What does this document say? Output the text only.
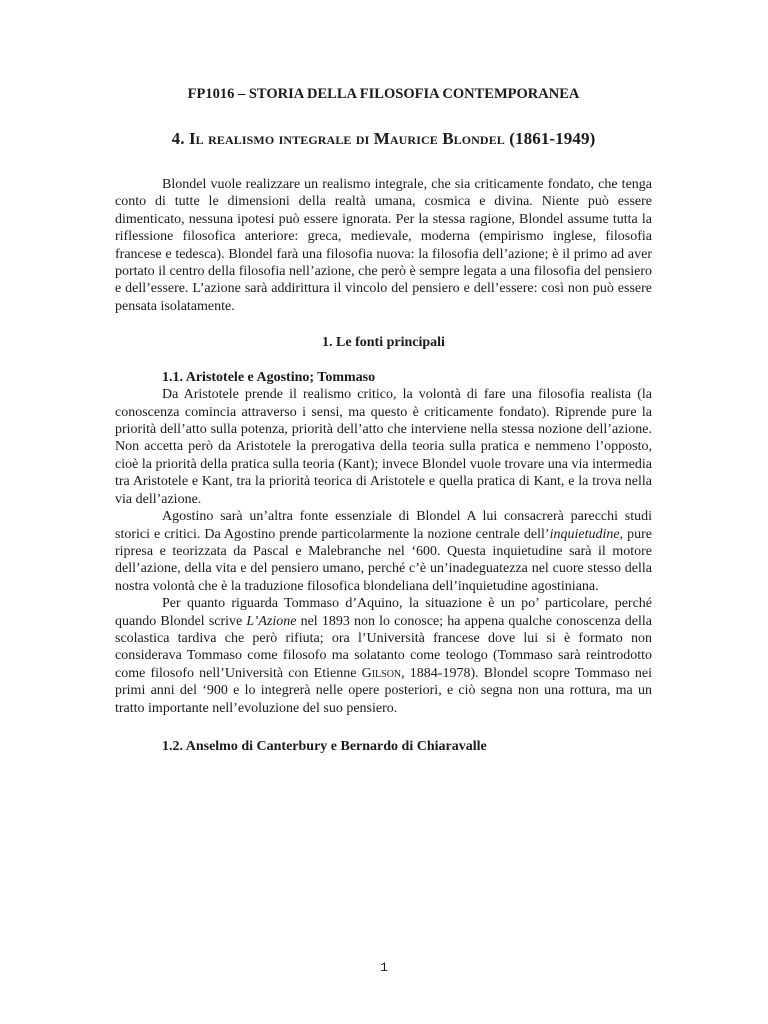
FP1016 – STORIA DELLA FILOSOFIA CONTEMPORANEA
4. Il realismo integrale di Maurice Blondel (1861-1949)

Blondel vuole realizzare un realismo integrale, che sia criticamente fondato, che tenga conto di tutte le dimensioni della realtà umana, cosmica e divina. Niente può essere dimenticato, nessuna ipotesi può essere ignorata. Per la stessa ragione, Blondel assume tutta la riflessione filosofica anteriore: greca, medievale, moderna (empirismo inglese, filosofia francese e tedesca). Blondel farà una filosofia nuova: la filosofia dell’azione; è il primo ad aver portato il centro della filosofia nell’azione, che però è sempre legata a una filosofia del pensiero e dell’essere. L’azione sarà addirittura il vincolo del pensiero e dell’essere: così non può essere pensata isolatamente.

1. Le fonti principali
1.1. Aristotele e Agostino; Tommaso

Da Aristotele prende il realismo critico, la volontà di fare una filosofia realista (la conoscenza comincia attraverso i sensi, ma questo è criticamente fondato). Riprende pure la priorità dell’atto sulla potenza, priorità dell’atto che interviene nella stessa nozione dell’azione. Non accetta però da Aristotele la prerogativa della teoria sulla pratica e nemmeno l’opposto, cioè la priorità della pratica sulla teoria (Kant); invece Blondel vuole trovare una via intermedia tra Aristotele e Kant, tra la priorità teorica di Aristotele e quella pratica di Kant, e la trova nella via dell’azione.

Agostino sarà un’altra fonte essenziale di Blondel A lui consacrerà parecchi studi storici e critici. Da Agostino prende particolarmente la nozione centrale dell’inquietudine, pure ripresa e teorizzata da Pascal e Malebranche nel ‘600. Questa inquietudine sarà il motore dell’azione, della vita e del pensiero umano, perché c’è un’inadeguatezza nel cuore stesso della nostra volontà che è la traduzione filosofica blondeliana dell’inquietudine agostiniana.

Per quanto riguarda Tommaso d’Aquino, la situazione è un po’ particolare, perché quando Blondel scrive L’Azione nel 1893 non lo conosce; ha appena qualche conoscenza della scolastica tardiva che però rifiuta; ora l’Università francese dove lui si è formato non considerava Tommaso come filosofo ma solatanto come teologo (Tommaso sarà reintrodotto come filosofo nell’Università con Etienne Gilson, 1884-1978). Blondel scopre Tommaso nei primi anni del ‘900 e lo integrerà nelle opere posteriori, e ciò segna non una rottura, ma un tratto importante nell’evoluzione del suo pensiero.

1.2. Anselmo di Canterbury e Bernardo di Chiaravalle
1
